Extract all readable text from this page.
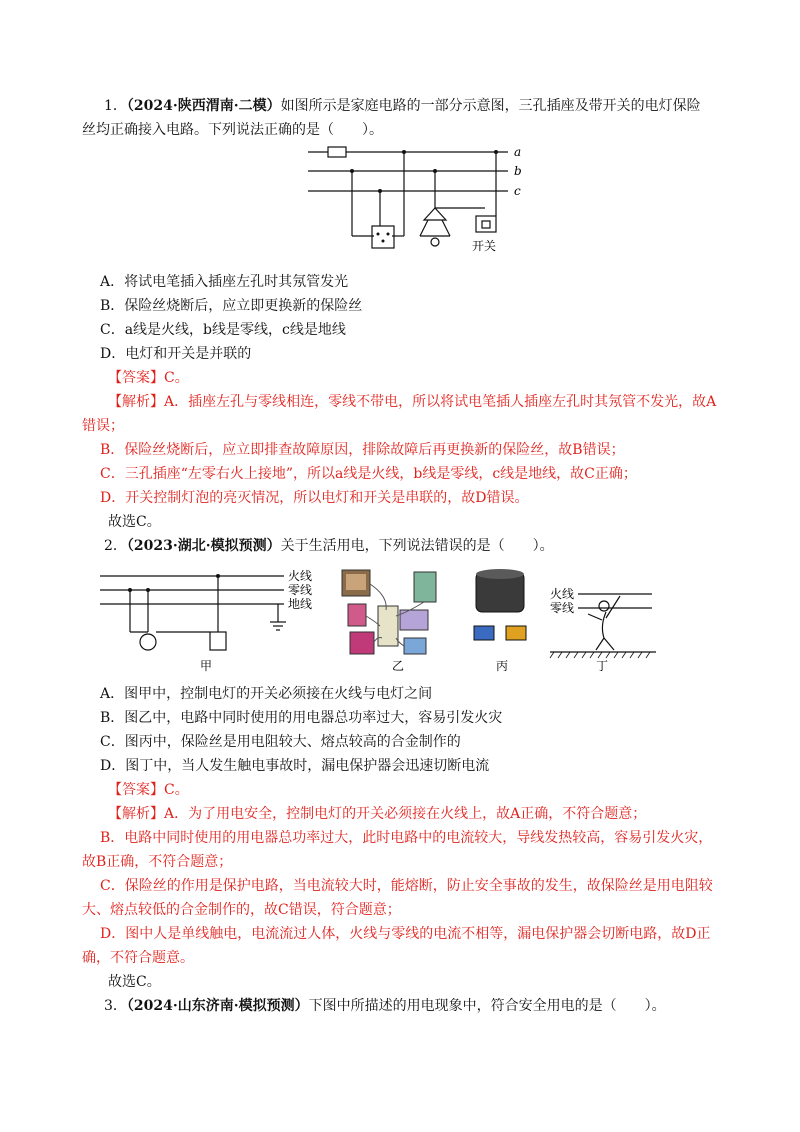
1．（2024·陕西渭南·二模）如图所示是家庭电路的一部分示意图，三孔插座及带开关的电灯保险
丝均正确接入电路。下列说法正确的是（　　）。
a
b
c
开关
A．将试电笔插入插座左孔时其氖管发光
B．保险丝烧断后，应立即更换新的保险丝
C．a线是火线，b线是零线，c线是地线
D．电灯和开关是并联的
【答案】C。
【解析】A．插座左孔与零线相连，零线不带电，所以将试电笔插人插座左孔时其氖管不发光，故A
错误；
B．保险丝烧断后，应立即排查故障原因，排除故障后再更换新的保险丝，故B错误；
C．三孔插座“左零右火上接地”，所以a线是火线，b线是零线，c线是地线，故C正确；
D．开关控制灯泡的亮灭情况，所以电灯和开关是串联的，故D错误。
故选C。
2．（2023·湖北·模拟预测）关于生活用电，下列说法错误的是（　　）。
火线
零线
地线
甲	乙	丙
火线
零线
丁
A．图甲中，控制电灯的开关必须接在火线与电灯之间
B．图乙中，电路中同时使用的用电器总功率过大，容易引发火灾
C．图丙中，保险丝是用电阻较大、熔点较高的合金制作的
D．图丁中，当人发生触电事故时，漏电保护器会迅速切断电流
【答案】C。
【解析】A．为了用电安全，控制电灯的开关必须接在火线上，故A正确，不符合题意；
B．电路中同时使用的用电器总功率过大，此时电路中的电流较大，导线发热较高，容易引发火灾，
故B正确，不符合题意；
C．保险丝的作用是保护电路，当电流较大时，能熔断，防止安全事故的发生，故保险丝是用电阻较
大、熔点较低的合金制作的，故C错误，符合题意；
D．图中人是单线触电，电流流过人体，火线与零线的电流不相等，漏电保护器会切断电路，故D正
确，不符合题意。
故选C。
3．（2024·山东济南·模拟预测）下图中所描述的用电现象中，符合安全用电的是（　　）。
